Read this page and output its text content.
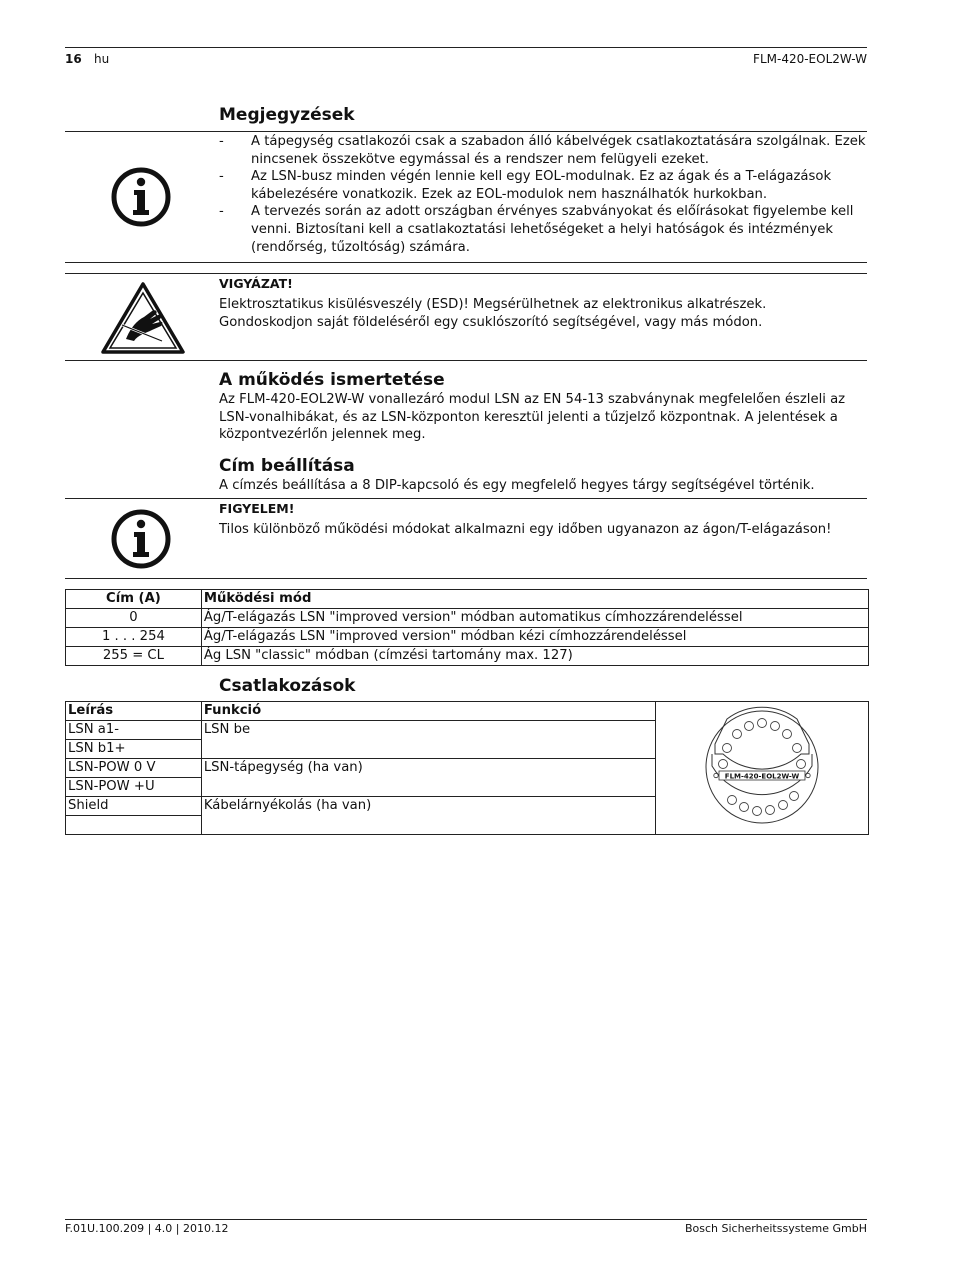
16 hu	FLM-420-EOL2W-W
Megjegyzések
- A tápegység csatlakozói csak a szabadon álló kábelvégek csatlakoztatására szolgálnak. Ezek nincsenek összekötve egymással és a rendszer nem felügyeli ezeket.
- Az LSN-busz minden végén lennie kell egy EOL-modulnak. Ez az ágak és a T-elágazások kábelezésére vonatkozik. Ezek az EOL-modulok nem használhatók hurkokban.
- A tervezés során az adott országban érvényes szabványokat és előírásokat figyelembe kell venni. Biztosítani kell a csatlakoztatási lehetőségeket a helyi hatóságok és intézmények (rendőrség, tűzoltóság) számára.
VIGYÁZAT!
Elektrosztatikus kisülésveszély (ESD)! Megsérülhetnek az elektronikus alkatrészek. Gondoskodjon saját földeléséről egy csuklószorító segítségével, vagy más módon.
A működés ismertetése
Az FLM-420-EOL2W-W vonallezáró modul LSN az EN 54-13 szabványnak megfelelően észleli az LSN-vonalhibákat, és az LSN-központon keresztül jelenti a tűzjelző központnak. A jelentések a központvezérlőn jelennek meg.
Cím beállítása
A címzés beállítása a 8 DIP-kapcsoló és egy megfelelő hegyes tárgy segítségével történik.
FIGYELEM!
Tilos különböző működési módokat alkalmazni egy időben ugyanazon az ágon/T-elágazáson!
Cím (A)	Működési mód
0	Ág/T-elágazás LSN "improved version" módban automatikus címhozzárendeléssel
1 . . . 254	Ág/T-elágazás LSN "improved version" módban kézi címhozzárendeléssel
255 = CL	Ág LSN "classic" módban (címzési tartomány max. 127)
Csatlakozások
Leírás	Funkció	FLM-420-EOL2W-W

LSN a1-	LSN be	
LSN b1+		
LSN-POW 0 V	LSN-tápegység (ha van)	
LSN-POW +U		
Shield	Kábelárnyékolás (ha van)	

F.01U.100.209 | 4.0 | 2010.12	Bosch Sicherheitssysteme GmbH
